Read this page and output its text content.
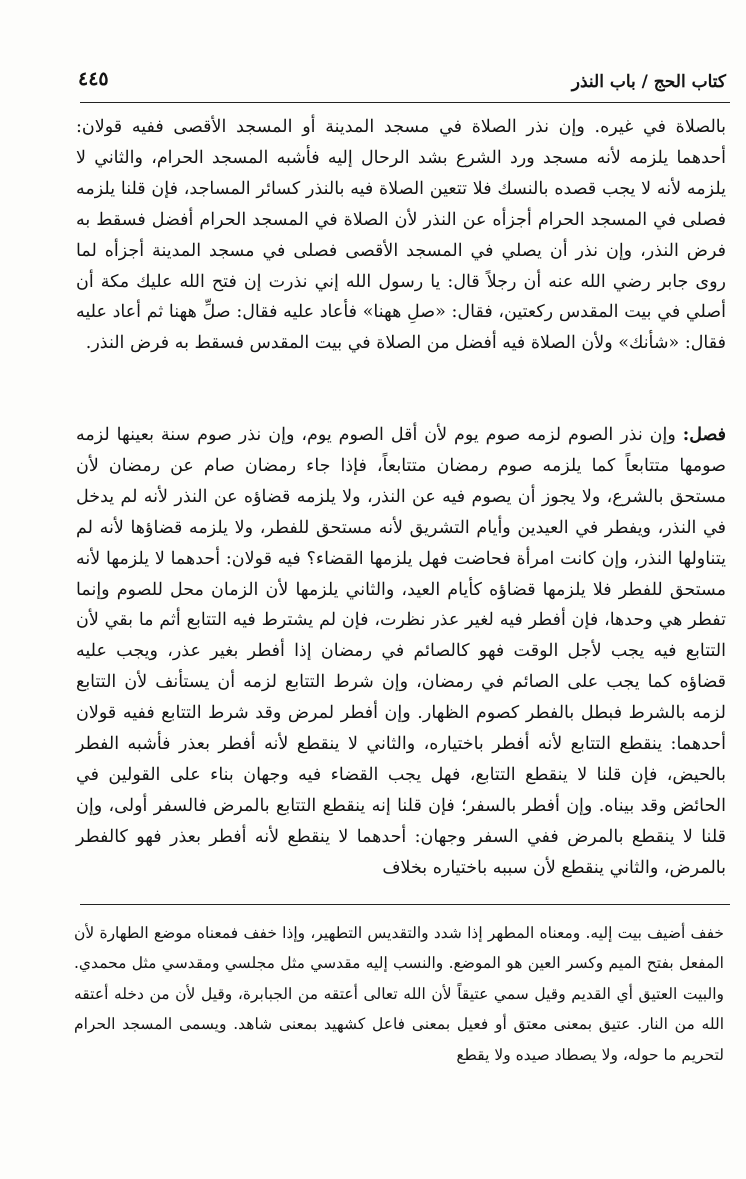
كتاب الحج / باب النذر
٤٤٥

بالصلاة في غيره. وإن نذر الصلاة في مسجد المدينة أو المسجد الأقصى ففيه قولان: أحدهما يلزمه لأنه مسجد ورد الشرع بشد الرحال إليه فأشبه المسجد الحرام، والثاني لا يلزمه لأنه لا يجب قصده بالنسك فلا تتعين الصلاة فيه بالنذر كسائر المساجد، فإن قلنا يلزمه فصلى في المسجد الحرام أجزأه عن النذر لأن الصلاة في المسجد الحرام أفضل فسقط به فرض النذر، وإن نذر أن يصلي في المسجد الأقصى فصلى في مسجد المدينة أجزأه لما روى جابر رضي الله عنه أن رجلاً قال: يا رسول الله إني نذرت إن فتح الله عليك مكة أن أصلي في بيت المقدس ركعتين، فقال: «صلِ ههنا» فأعاد عليه فقال: صلِّ ههنا ثم أعاد عليه فقال: «شأنك» ولأن الصلاة فيه أفضل من الصلاة في بيت المقدس فسقط به فرض النذر.

فصل: وإن نذر الصوم لزمه صوم يوم لأن أقل الصوم يوم، وإن نذر صوم سنة بعينها لزمه صومها متتابعاً كما يلزمه صوم رمضان متتابعاً، فإذا جاء رمضان صام عن رمضان لأن مستحق بالشرع، ولا يجوز أن يصوم فيه عن النذر، ولا يلزمه قضاؤه عن النذر لأنه لم يدخل في النذر، ويفطر في العيدين وأيام التشريق لأنه مستحق للفطر، ولا يلزمه قضاؤها لأنه لم يتناولها النذر، وإن كانت امرأة فحاضت فهل يلزمها القضاء؟ فيه قولان: أحدهما لا يلزمها لأنه مستحق للفطر فلا يلزمها قضاؤه كأيام العيد، والثاني يلزمها لأن الزمان محل للصوم وإنما تفطر هي وحدها، فإن أفطر فيه لغير عذر نظرت، فإن لم يشترط فيه التتابع أثم ما بقي لأن التتابع فيه يجب لأجل الوقت فهو كالصائم في رمضان إذا أفطر بغير عذر، ويجب عليه قضاؤه كما يجب على الصائم في رمضان، وإن شرط التتابع لزمه أن يستأنف لأن التتابع لزمه بالشرط فبطل بالفطر كصوم الظهار. وإن أفطر لمرض وقد شرط التتابع ففيه قولان أحدهما: ينقطع التتابع لأنه أفطر باختياره، والثاني لا ينقطع لأنه أفطر بعذر فأشبه الفطر بالحيض، فإن قلنا لا ينقطع التتابع، فهل يجب القضاء فيه وجهان بناء على القولين في الحائض وقد بيناه. وإن أفطر بالسفر؛ فإن قلنا إنه ينقطع التتابع بالمرض فالسفر أولى، وإن قلنا لا ينقطع بالمرض ففي السفر وجهان: أحدهما لا ينقطع لأنه أفطر بعذر فهو كالفطر بالمرض، والثاني ينقطع لأن سببه باختياره بخلاف

خفف أضيف بيت إليه. ومعناه المطهر إذا شدد والتقديس التطهير، وإذا خفف فمعناه موضع الطهارة لأن المفعل بفتح الميم وكسر العين هو الموضع. والنسب إليه مقدسي مثل مجلسي ومقدسي مثل محمدي. والبيت العتيق أي القديم وقيل سمي عتيقاً لأن الله تعالى أعتقه من الجبابرة، وقيل لأن من دخله أعتقه الله من النار. عتيق بمعنى معتق أو فعيل بمعنى فاعل كشهيد بمعنى شاهد. ويسمى المسجد الحرام لتحريم ما حوله، ولا يصطاد صيده ولا يقطع
